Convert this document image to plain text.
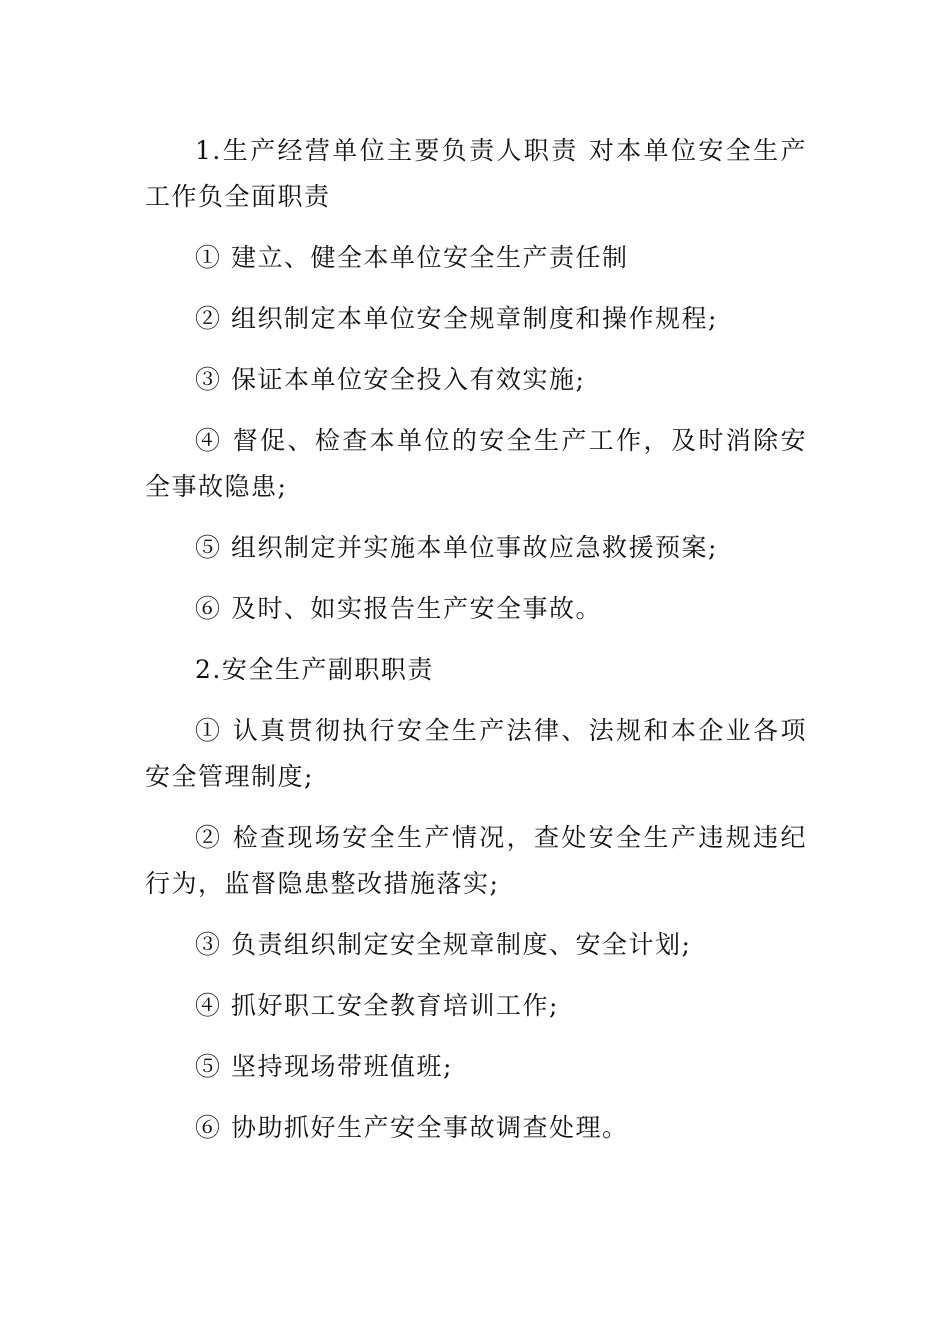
1.生产经营单位主要负责人职责 对本单位安全生产工作负全面职责

① 建立、健全本单位安全生产责任制

② 组织制定本单位安全规章制度和操作规程;

③ 保证本单位安全投入有效实施;

④ 督促、检查本单位的安全生产工作，及时消除安全事故隐患;

⑤ 组织制定并实施本单位事故应急救援预案;

⑥ 及时、如实报告生产安全事故。

2.安全生产副职职责

① 认真贯彻执行安全生产法律、法规和本企业各项安全管理制度;

② 检查现场安全生产情况，查处安全生产违规违纪行为，监督隐患整改措施落实;

③ 负责组织制定安全规章制度、安全计划;

④ 抓好职工安全教育培训工作;

⑤ 坚持现场带班值班;

⑥ 协助抓好生产安全事故调查处理。
